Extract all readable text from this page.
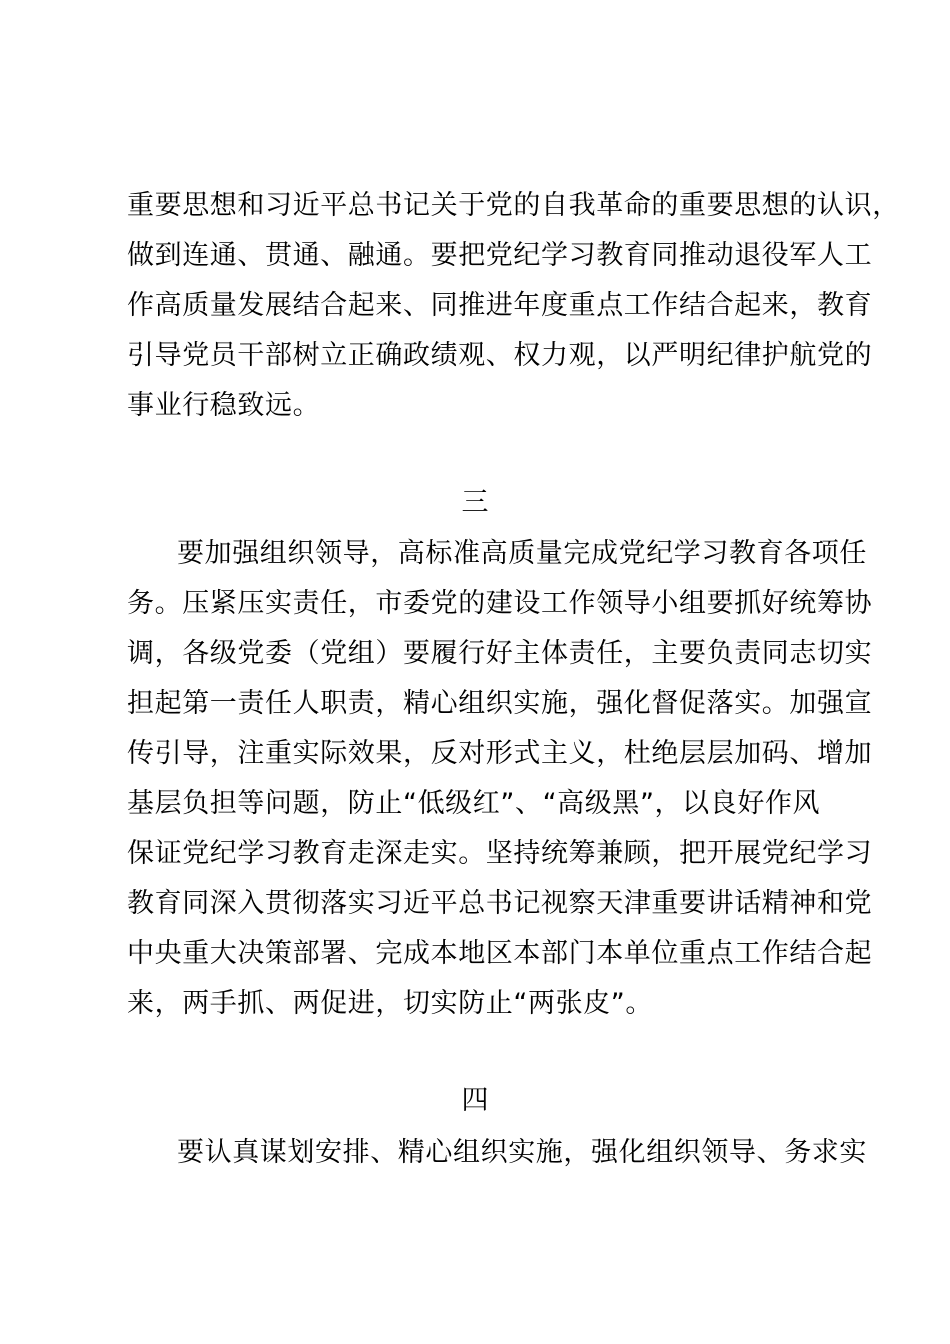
重要思想和习近平总书记关于党的自我革命的重要思想的认识，
做到连通、贯通、融通。要把党纪学习教育同推动退役军人工
作高质量发展结合起来、同推进年度重点工作结合起来，教育
引导党员干部树立正确政绩观、权力观，以严明纪律护航党的
事业行稳致远。
三
要加强组织领导，高标准高质量完成党纪学习教育各项任
务。压紧压实责任，市委党的建设工作领导小组要抓好统筹协
调，各级党委（党组）要履行好主体责任，主要负责同志切实
担起第一责任人职责，精心组织实施，强化督促落实。加强宣
传引导，注重实际效果，反对形式主义，杜绝层层加码、增加
基层负担等问题，防止“低级红”、“高级黑”，以良好作风
保证党纪学习教育走深走实。坚持统筹兼顾，把开展党纪学习
教育同深入贯彻落实习近平总书记视察天津重要讲话精神和党
中央重大决策部署、完成本地区本部门本单位重点工作结合起
来，两手抓、两促进，切实防止“两张皮”。
四
要认真谋划安排、精心组织实施，强化组织领导、务求实
